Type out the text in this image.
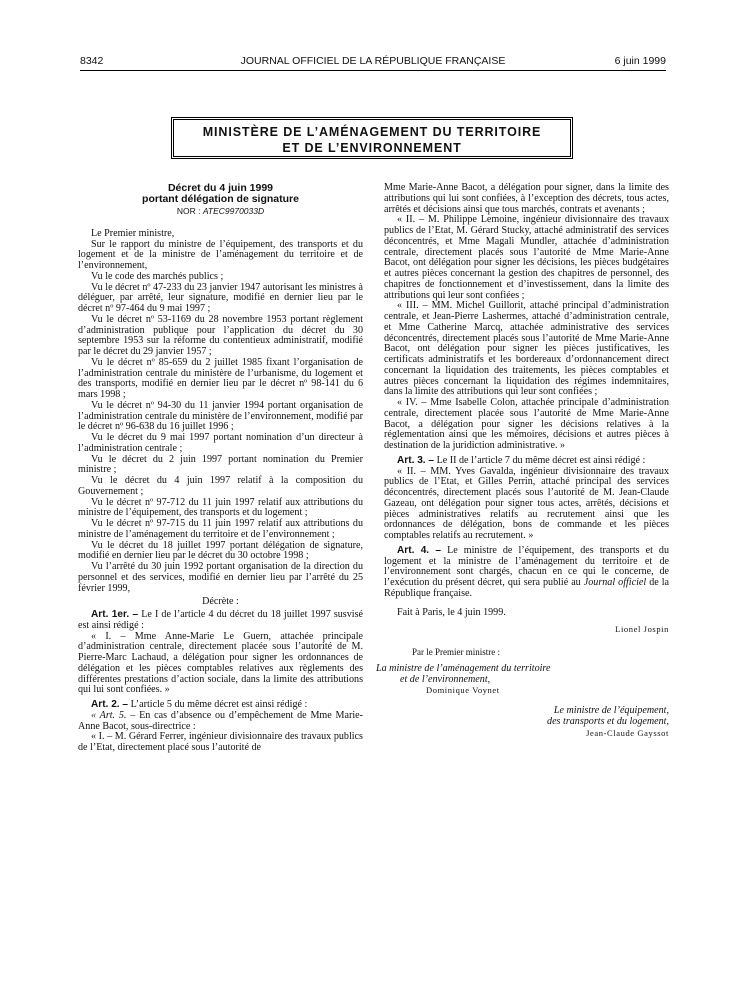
8342	JOURNAL OFFICIEL DE LA RÉPUBLIQUE FRANÇAISE	6 juin 1999
MINISTÈRE DE L’AMÉNAGEMENT DU TERRITOIRE
ET DE L’ENVIRONNEMENT
Décret du 4 juin 1999
portant délégation de signature
NOR : ATEC9970033D

Le Premier ministre,

Sur le rapport du ministre de l’équipement, des transports et du logement et de la ministre de l’aménagement du territoire et de l’environnement,

Vu le code des marchés publics ;

Vu le décret nº 47-233 du 23 janvier 1947 autorisant les ministres à déléguer, par arrêté, leur signature, modifié en dernier lieu par le décret nº 97-464 du 9 mai 1997 ;

Vu le décret nº 53-1169 du 28 novembre 1953 portant règlement d’administration publique pour l’application du décret du 30 septembre 1953 sur la réforme du contentieux administratif, modifié par le décret du 29 janvier 1957 ;

Vu le décret nº 85-659 du 2 juillet 1985 fixant l’organisation de l’administration centrale du ministère de l’urbanisme, du logement et des transports, modifié en dernier lieu par le décret nº 98-141 du 6 mars 1998 ;

Vu le décret nº 94-30 du 11 janvier 1994 portant organisation de l’administration centrale du ministère de l’environnement, modifié par le décret nº 96-638 du 16 juillet 1996 ;

Vu le décret du 9 mai 1997 portant nomination d’un directeur à l’administration centrale ;

Vu le décret du 2 juin 1997 portant nomination du Premier ministre ;

Vu le décret du 4 juin 1997 relatif à la composition du Gouvernement ;

Vu le décret nº 97-712 du 11 juin 1997 relatif aux attributions du ministre de l’équipement, des transports et du logement ;

Vu le décret nº 97-715 du 11 juin 1997 relatif aux attributions du ministre de l’aménagement du territoire et de l’environnement ;

Vu le décret du 18 juillet 1997 portant délégation de signature, modifié en dernier lieu par le décret du 30 octobre 1998 ;

Vu l’arrêté du 30 juin 1992 portant organisation de la direction du personnel et des services, modifié en dernier lieu par l’arrêté du 25 février 1999,

Décrète :

Art. 1er. – Le I de l’article 4 du décret du 18 juillet 1997 susvisé est ainsi rédigé :

« I. – Mme Anne-Marie Le Guern, attachée principale d’administration centrale, directement placée sous l’autorité de M. Pierre-Marc Lachaud, a délégation pour signer les ordonnances de délégation et les pièces comptables relatives aux règlements des différentes prestations d’action sociale, dans la limite des attributions qui lui sont confiées. »

Art. 2. – L’article 5 du même décret est ainsi rédigé :

« Art. 5. – En cas d’absence ou d’empêchement de Mme Marie-Anne Bacot, sous-directrice :

« I. – M. Gérard Ferrer, ingénieur divisionnaire des travaux publics de l’Etat, directement placé sous l’autorité de

Mme Marie-Anne Bacot, a délégation pour signer, dans la limite des attributions qui lui sont confiées, à l’exception des décrets, tous actes, arrêtés et décisions ainsi que tous marchés, contrats et avenants ;

« II. – M. Philippe Lemoine, ingénieur divisionnaire des travaux publics de l’Etat, M. Gérard Stucky, attaché administratif des services déconcentrés, et Mme Magali Mundler, attachée d’administration centrale, directement placés sous l’autorité de Mme Marie-Anne Bacot, ont délégation pour signer les décisions, les pièces budgétaires et autres pièces concernant la gestion des chapitres de personnel, des chapitres de fonctionnement et d’investissement, dans la limite des attributions qui leur sont confiées ;

« III. – MM. Michel Guillorit, attaché principal d’administration centrale, et Jean-Pierre Lashermes, attaché d’administration centrale, et Mme Catherine Marcq, attachée administrative des services déconcentrés, directement placés sous l’autorité de Mme Marie-Anne Bacot, ont délégation pour signer les pièces justificatives, les certificats administratifs et les bordereaux d’ordonnancement direct concernant la liquidation des traitements, les pièces comptables et autres pièces concernant la liquidation des régimes indemnitaires, dans la limite des attributions qui leur sont confiées ;

« IV. – Mme Isabelle Colon, attachée principale d’administration centrale, directement placée sous l’autorité de Mme Marie-Anne Bacot, a délégation pour signer les décisions relatives à la réglementation ainsi que les mémoires, décisions et autres pièces à destination de la juridiction administrative. »

Art. 3. – Le II de l’article 7 du même décret est ainsi rédigé :

« II. – MM. Yves Gavalda, ingénieur divisionnaire des travaux publics de l’Etat, et Gilles Perrin, attaché principal des services déconcentrés, directement placés sous l’autorité de M. Jean-Claude Gazeau, ont délégation pour signer tous actes, arrêtés, décisions et pièces administratives relatifs au recrutement ainsi que les ordonnances de délégation, bons de commande et les pièces comptables relatifs au recrutement. »

Art. 4. – Le ministre de l’équipement, des transports et du logement et la ministre de l’aménagement du territoire et de l’environnement sont chargés, chacun en ce qui le concerne, de l’exécution du présent décret, qui sera publié au Journal officiel de la République française.

Fait à Paris, le 4 juin 1999.

Lionel Jospin

Par le Premier ministre :

La ministre de l’aménagement du territoire
et de l’environnement,
Dominique Voynet
Le ministre de l’équipement,
des transports et du logement,
Jean-Claude Gayssot
